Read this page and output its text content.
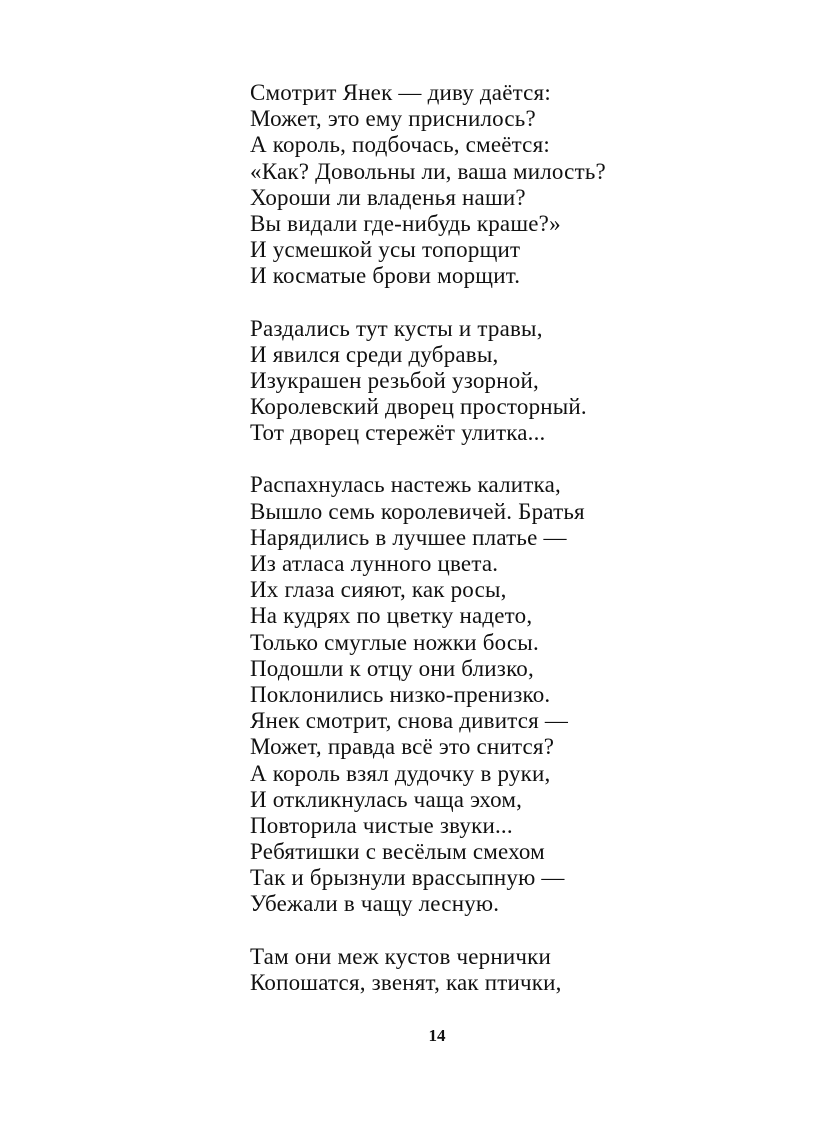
Смотрит Янек — диву даётся:
Может, это ему приснилось?
А король, подбочась, смеётся:
«Как? Довольны ли, ваша милость?
Хороши ли владенья наши?
Вы видали где-нибудь краше?»
И усмешкой усы топорщит
И косматые брови морщит.
Раздались тут кусты и травы,
И явился среди дубравы,
Изукрашен резьбой узорной,
Королевский дворец просторный.
Тот дворец стережёт улитка...
Распахнулась настежь калитка,
Вышло семь королевичей. Братья
Нарядились в лучшее платье —
Из атласа лунного цвета.
Их глаза сияют, как росы,
На кудрях по цветку надето,
Только смуглые ножки босы.
Подошли к отцу они близко,
Поклонились низко-пренизко.
Янек смотрит, снова дивится —
Может, правда всё это снится?
А король взял дудочку в руки,
И откликнулась чаща эхом,
Повторила чистые звуки...
Ребятишки с весёлым смехом
Так и брызнули врассыпную —
Убежали в чащу лесную.
Там они меж кустов чернички
Копошатся, звенят, как птички,
14
